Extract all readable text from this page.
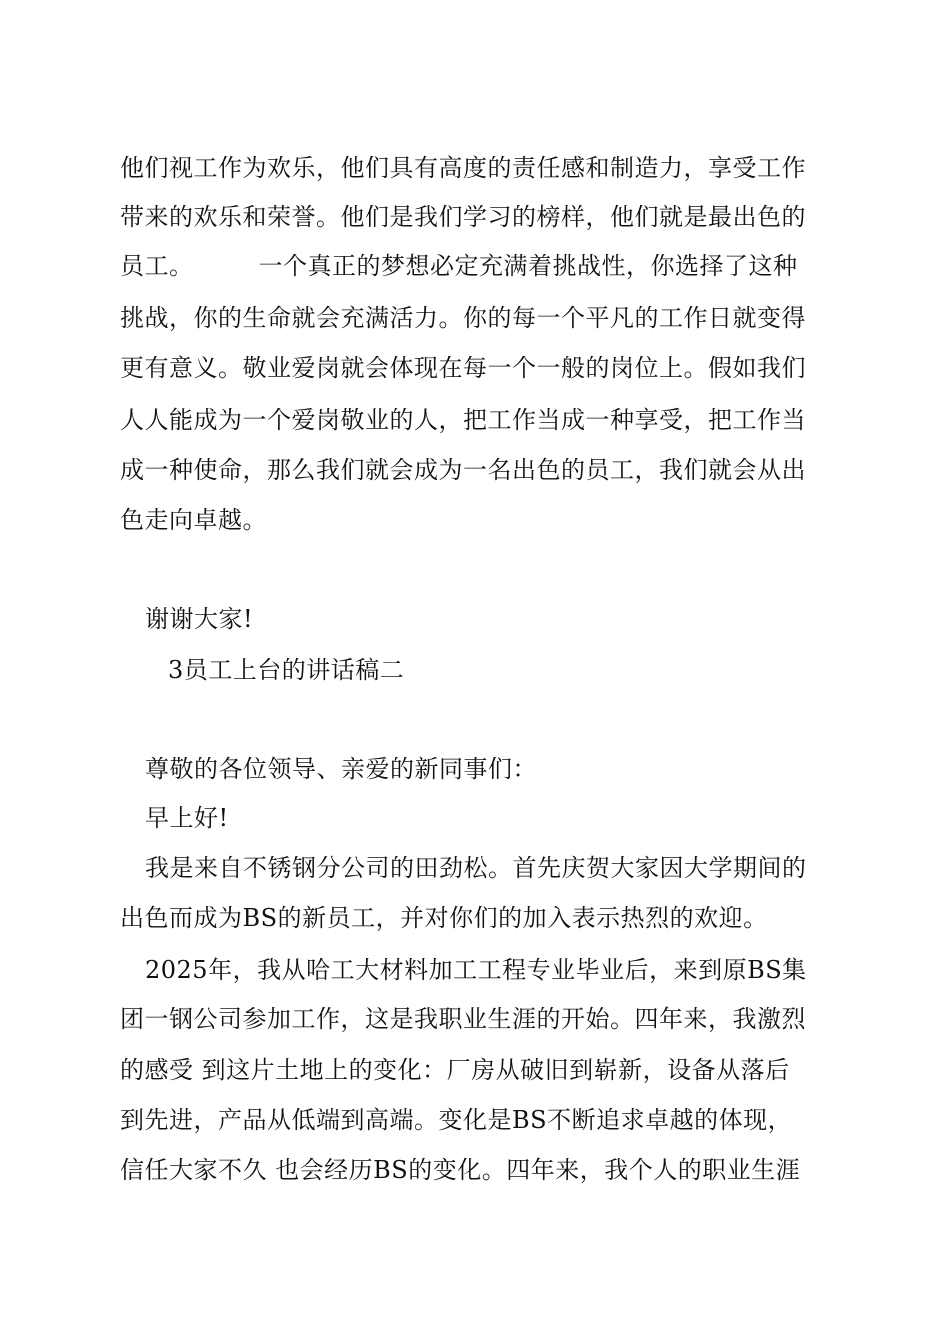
他们视工作为欢乐，他们具有高度的责任感和制造力，享受工作
带来的欢乐和荣誉。他们是我们学习的榜样，他们就是最出色的
员工。        一个真正的梦想必定充满着挑战性，你选择了这种
挑战，你的生命就会充满活力。你的每一个平凡的工作日就变得
更有意义。敬业爱岗就会体现在每一个一般的岗位上。假如我们
人人能成为一个爱岗敬业的人，把工作当成一种享受，把工作当
成一种使命，那么我们就会成为一名出色的员工，我们就会从出
色走向卓越。
谢谢大家!
3员工上台的讲话稿二
尊敬的各位领导、亲爱的新同事们：
早上好!
我是来自不锈钢分公司的田劲松。首先庆贺大家因大学期间的
出色而成为BS的新员工，并对你们的加入表示热烈的欢迎。
2025年，我从哈工大材料加工工程专业毕业后，来到原BS集
团一钢公司参加工作，这是我职业生涯的开始。四年来，我激烈
的感受 到这片土地上的变化：厂房从破旧到崭新，设备从落后
到先进，产品从低端到高端。变化是BS不断追求卓越的体现，
信任大家不久 也会经历BS的变化。四年来，我个人的职业生涯
